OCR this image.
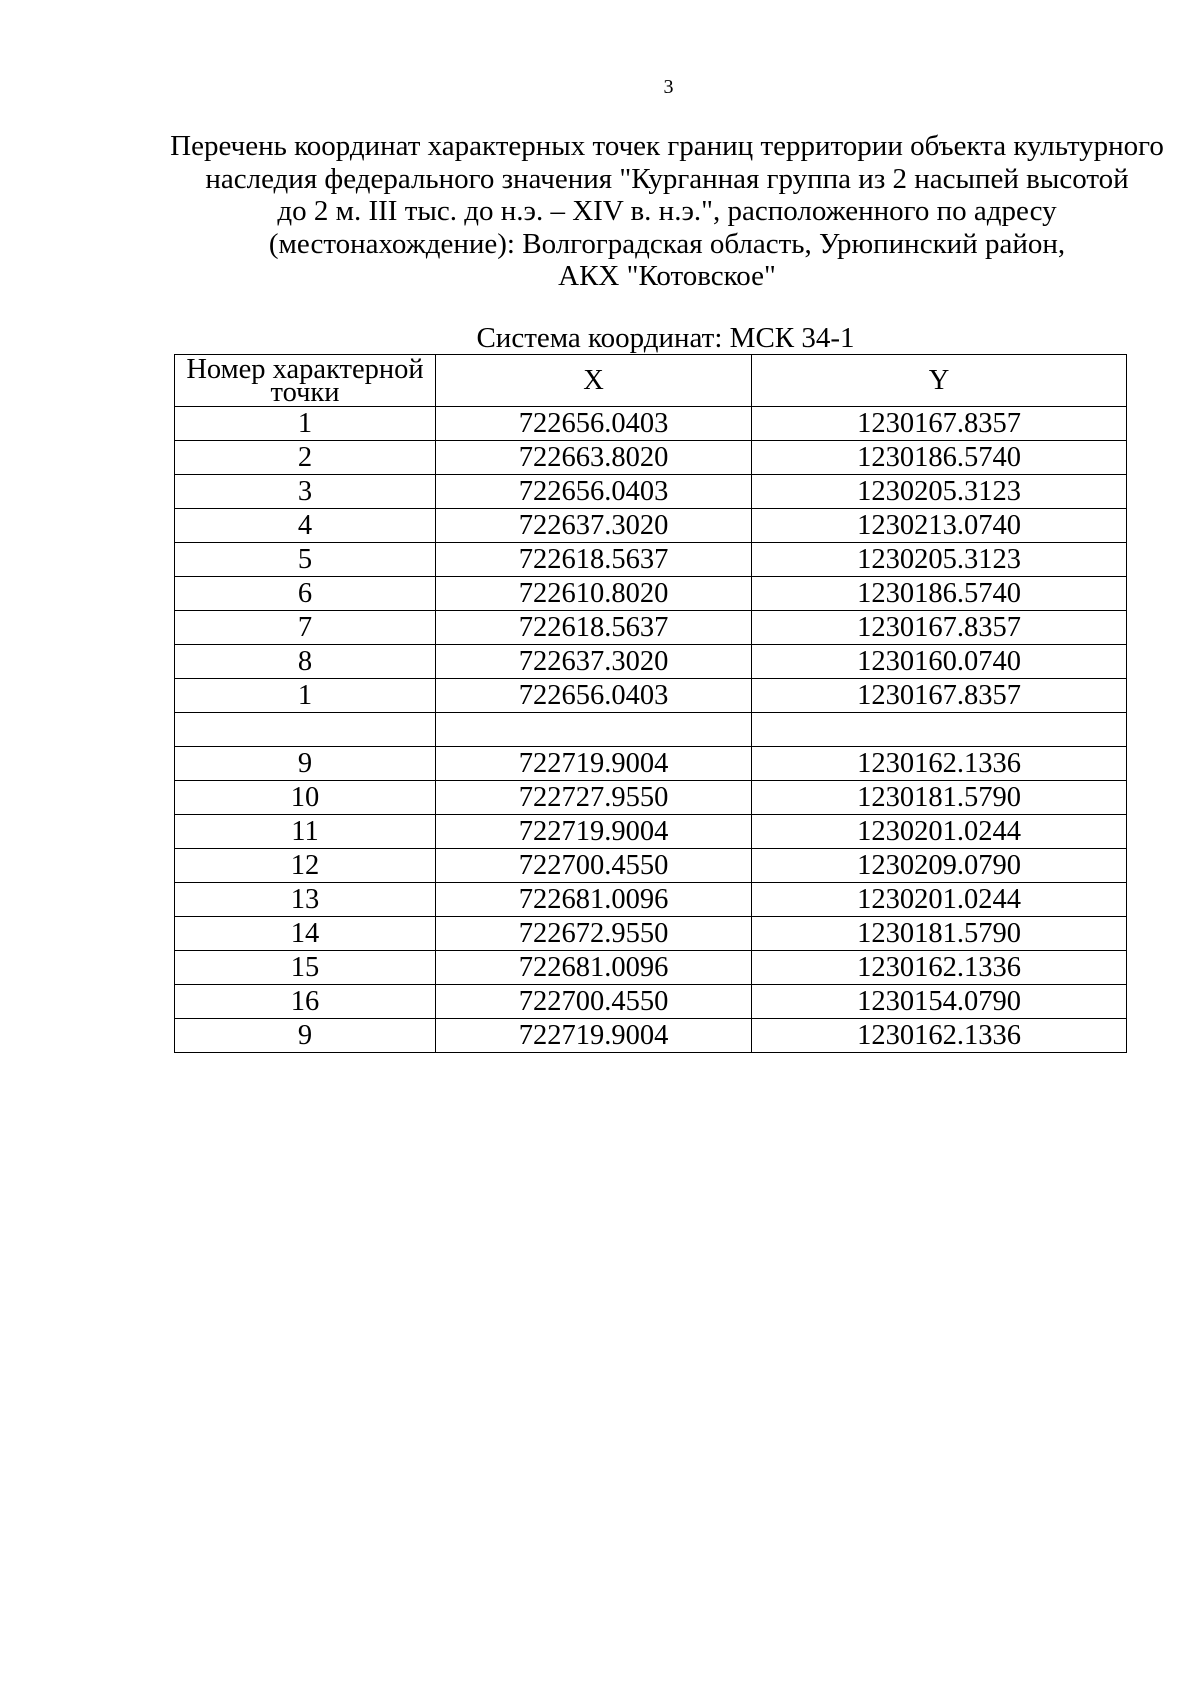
3
Перечень координат характерных точек границ территории объекта культурного
наследия федерального значения "Курганная группа из 2 насыпей высотой
до 2 м. III тыс. до н.э. – XIV в. н.э.", расположенного по адресу
(местонахождение): Волгоградская область, Урюпинский район,
АКХ "Котовское"
Система координат: МСК 34-1
Номер характерной
точки	X	Y
1	722656.0403	1230167.8357
2	722663.8020	1230186.5740
3	722656.0403	1230205.3123
4	722637.3020	1230213.0740
5	722618.5637	1230205.3123
6	722610.8020	1230186.5740
7	722618.5637	1230167.8357
8	722637.3020	1230160.0740
1	722656.0403	1230167.8357

9	722719.9004	1230162.1336
10	722727.9550	1230181.5790
11	722719.9004	1230201.0244
12	722700.4550	1230209.0790
13	722681.0096	1230201.0244
14	722672.9550	1230181.5790
15	722681.0096	1230162.1336
16	722700.4550	1230154.0790
9	722719.9004	1230162.1336
